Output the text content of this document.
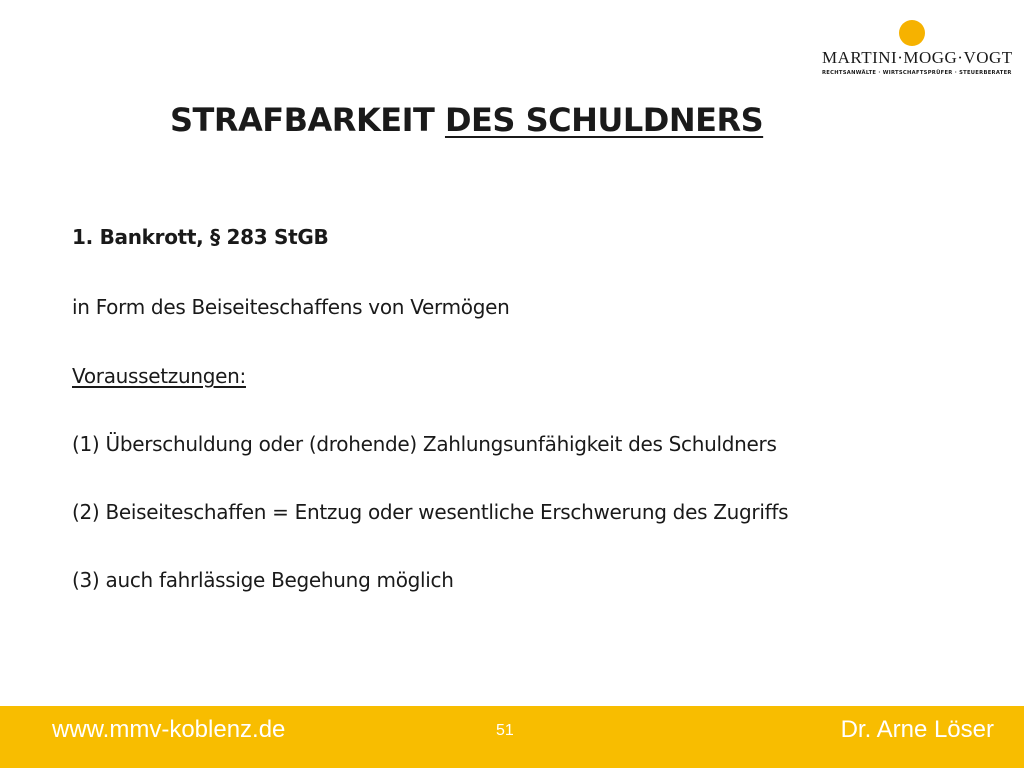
MARTINI·MOGG·VOGT
RECHTSANWÄLTE · WIRTSCHAFTSPRÜFER · STEUERBERATER
STRAFBARKEIT DES SCHULDNERS
1. Bankrott, § 283 StGB
in Form des Beiseiteschaffens von Vermögen
Voraussetzungen:
(1) Überschuldung oder (drohende) Zahlungsunfähigkeit des Schuldners
(2) Beiseiteschaffen = Entzug oder wesentliche Erschwerung des Zugriffs
(3) auch fahrlässige Begehung möglich
www.mmv-koblenz.de	51	Dr. Arne Löser
